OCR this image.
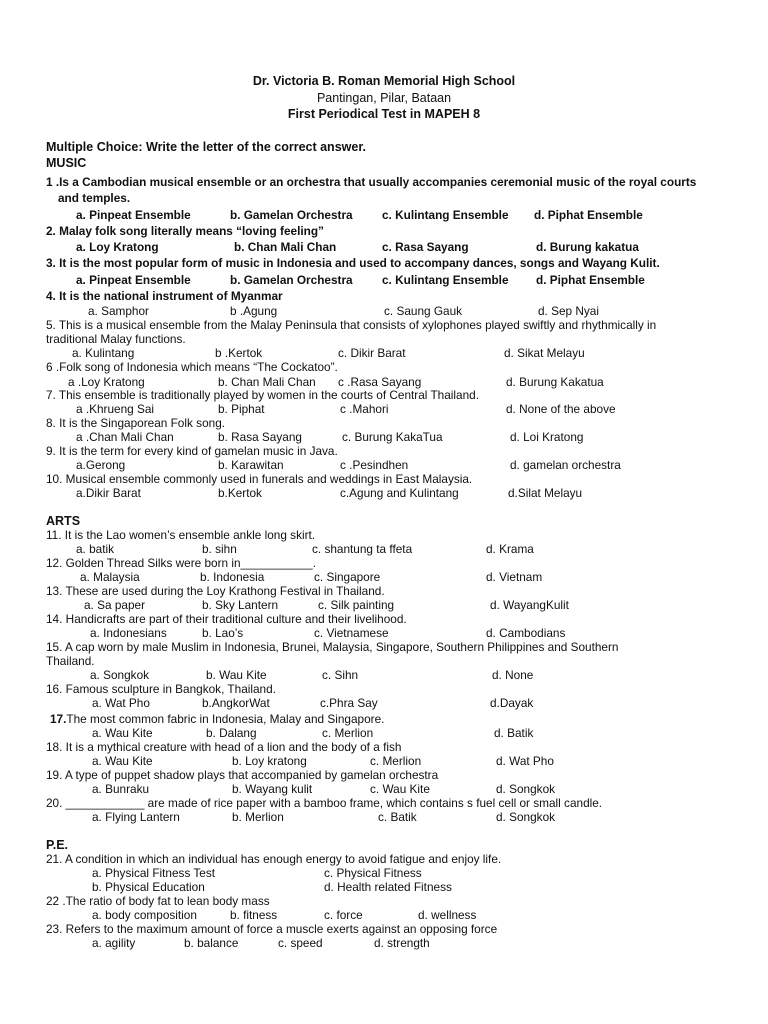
Dr. Victoria B. Roman Memorial High School
Pantingan, Pilar, Bataan
First Periodical Test in MAPEH 8
Multiple Choice: Write the letter of the correct answer.
MUSIC
1 .Is a Cambodian musical ensemble or an orchestra that usually accompanies ceremonial music of the royal courts
and temples.
a. Pinpeat Ensemble	b. Gamelan Orchestra c. Kulintang Ensemble d. Piphat Ensemble
2. Malay folk song literally means “loving feeling”
a. Loy Kratong	b. Chan Mali Chan	c. Rasa Sayang	d. Burung kakatua
3. It is the most popular form of music in Indonesia and used to accompany dances, songs and Wayang Kulit.
a. Pinpeat Ensemble	b. Gamelan Orchestra c. Kulintang Ensemble d. Piphat Ensemble
4. It is the national instrument of Myanmar
a. Samphor	b .Agung	c. Saung Gauk	d. Sep Nyai
5. This is a musical ensemble from the Malay Peninsula that consists of xylophones played swiftly and rhythmically in
traditional Malay functions.
a. Kulintang	b .Kertok	c. Dikir Barat	d. Sikat Melayu
6 .Folk song of Indonesia which means “The Cockatoo”.
a .Loy Kratong	b. Chan Mali Chan c .Rasa Sayang	d. Burung Kakatua
7. This ensemble is traditionally played by women in the courts of Central Thailand.
a .Khrueng Sai	b. Piphat	c .Mahori	d. None of the above
8. It is the Singaporean Folk song.
a .Chan Mali Chan	b. Rasa Sayang	c. Burung KakaTua	d. Loi Kratong
9. It is the term for every kind of gamelan music in Java.
a.Gerong	b. Karawitan	c .Pesindhen	d. gamelan orchestra
10. Musical ensemble commonly used in funerals and weddings in East Malaysia.
a.Dikir Barat	b.Kertok	c.Agung and Kulintang	d.Silat Melayu
ARTS
11. It is the Lao women’s ensemble ankle long skirt.
a. batik	b. sihn	c. shantung ta ffeta	d. Krama
12. Golden Thread Silks were born in___________.
a. Malaysia	b. Indonesia	c. Singapore	d. Vietnam
13. These are used during the Loy Krathong Festival in Thailand.
a. Sa paper	b. Sky Lantern	c. Silk painting	d. WayangKulit
14. Handicrafts are part of their traditional culture and their livelihood.
a. Indonesians	b. Lao’s	c. Vietnamese	d. Cambodians
15. A cap worn by male Muslim in Indonesia, Brunei, Malaysia, Singapore, Southern Philippines and Southern
Thailand.
a. Songkok	b. Wau Kite	c. Sihn	d. None
16. Famous sculpture in Bangkok, Thailand.
a. Wat Pho	b.AngkorWat	c.Phra Say	d.Dayak
17.The most common fabric in Indonesia, Malay and Singapore.
a. Wau Kite	b. Dalang	c. Merlion	d. Batik
18. It is a mythical creature with head of a lion and the body of a fish
a. Wau Kite	b. Loy kratong	c. Merlion	d. Wat Pho
19. A type of puppet shadow plays that accompanied by gamelan orchestra
a. Bunraku	b. Wayang kulit	c. Wau Kite	d. Songkok
20. ____________ are made of rice paper with a bamboo frame, which contains s fuel cell or small candle.
a. Flying Lantern	b. Merlion	c. Batik	d. Songkok
P.E.
21. A condition in which an individual has enough energy to avoid fatigue and enjoy life.
a. Physical Fitness Test	c. Physical Fitness
b. Physical Education	d. Health related Fitness
22 .The ratio of body fat to lean body mass
a. body composition	b. fitness	c. force	d. wellness
23. Refers to the maximum amount of force a muscle exerts against an opposing force
a. agility	b. balance	c. speed	d. strength
